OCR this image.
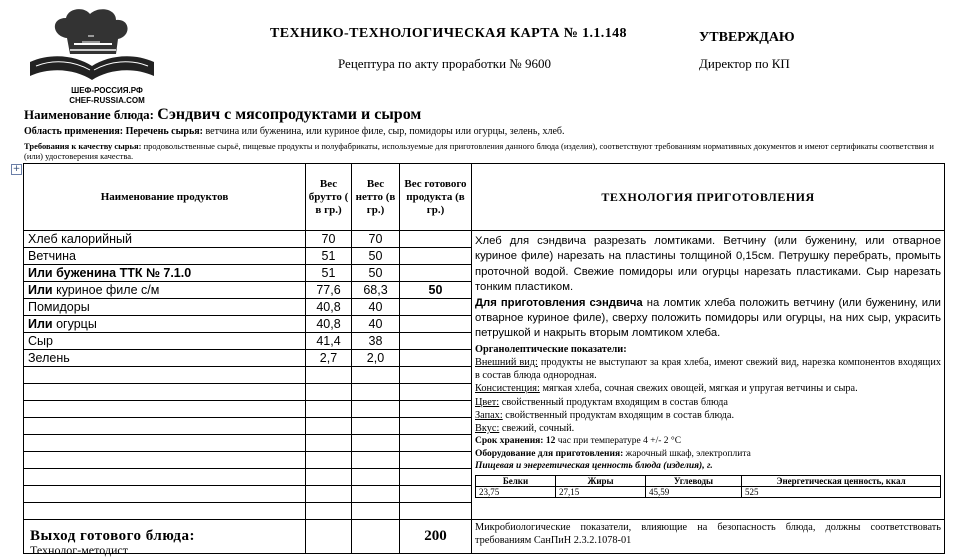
ШЕФ-РОССИЯ.РФ
CHEF-RUSSIA.COM
ТЕХНИКО-ТЕХНОЛОГИЧЕСКАЯ КАРТА № 1.1.148
Рецептура по акту проработки № 9600
УТВЕРЖДАЮ
Директор по КП
Наименование блюда: Сэндвич с мясопродуктами и сыром
Область применения: Перечень сырья: ветчина или буженина, или куриное филе, сыр, помидоры или огурцы, зелень, хлеб.
Требования к качеству сырья: продовольственные сырьё, пищевые продукты и полуфабрикаты, используемые для приготовления данного блюда (изделия), соответствуют требованиям нормативных документов и имеют сертификаты соответствия и (или) удостоверения качества.
+
Наименование продуктов	Вес брутто ( в гр.)	Вес нетто (в гр.)	Вес готового продукта (в гр.)	ТЕХНОЛОГИЯ ПРИГОТОВЛЕНИЯ
Хлеб калорийный	70	70		Хлеб для сэндвича разрезать ломтиками. Ветчину (или буженину, или отварное куриное филе) нарезать на пластины толщиной 0,15см. Петрушку перебрать, промыть проточной водой. Свежие помидоры или огурцы нарезать пластиками. Сыр нарезать тонким пластиком.

Для приготовления сэндвича на ломтик хлеба положить ветчину (или буженину, или отварное куриное филе), сверху положить помидоры или огурцы, на них сыр, украсить петрушкой и накрыть вторым ломтиком хлеба.

Органолептические показатели:

Внешний вид: продукты не выступают за края хлеба, имеют свежий вид, нарезка компонентов входящих в состав блюда однородная.

Консистенция: мягкая хлеба, сочная свежих овощей, мягкая и упругая ветчины и сыра.

Цвет: свойственный продуктам входящим в состав блюда

Запах: свойственный продуктам входящим в состав блюда.

Вкус: свежий, сочный.

Срок хранения: 12 час при температуре 4 +/- 2 °С

Оборудование для приготовления: жарочный шкаф, электроплита

Пищевая и энергетическая ценность блюда (изделия), г.

Белки	Жиры	Углеводы	Энергетическая ценность, ккал
23,75	27,15	45,59	525

Ветчина	51	50	
Или буженина ТТК № 7.1.0	51	50	
Или куриное филе с/м	77,6	68,3	50
Помидоры	40,8	40	
Или огурцы	40,8	40	
Сыр	41,4	38	
Зелень	2,7	2,0	

Выход готового блюда:			200	Микробиологические показатели, влияющие на безопасность блюда, должны соответствовать требованиям СанПиН 2.3.2.1078-01
Технолог-методист
